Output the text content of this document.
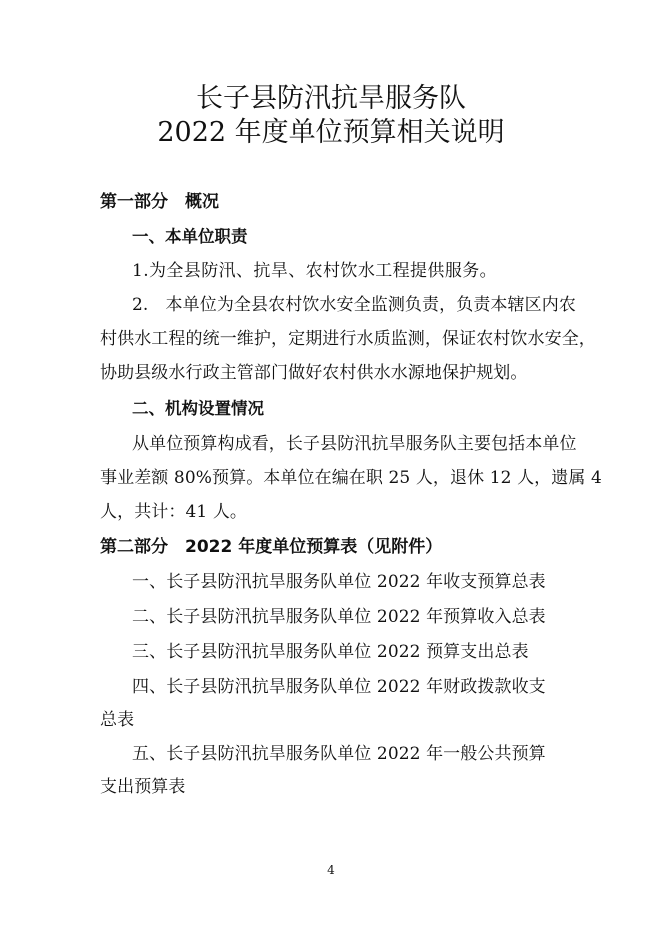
长子县防汛抗旱服务队
2022 年度单位预算相关说明
第一部分　概况
一、本单位职责
1.为全县防汛、抗旱、农村饮水工程提供服务。
2.　本单位为全县农村饮水安全监测负责，负责本辖区内农
村供水工程的统一维护，定期进行水质监测，保证农村饮水安全，
协助县级水行政主管部门做好农村供水水源地保护规划。
二、机构设置情况
从单位预算构成看，长子县防汛抗旱服务队主要包括本单位
事业差额 80%预算。本单位在编在职 25 人，退休 12 人，遗属 4
人，共计：41 人。
第二部分　2022 年度单位预算表（见附件）
一、长子县防汛抗旱服务队单位 2022 年收支预算总表
二、长子县防汛抗旱服务队单位 2022 年预算收入总表
三、长子县防汛抗旱服务队单位 2022 预算支出总表
四、长子县防汛抗旱服务队单位 2022 年财政拨款收支
总表
五、长子县防汛抗旱服务队单位 2022 年一般公共预算
支出预算表
4
